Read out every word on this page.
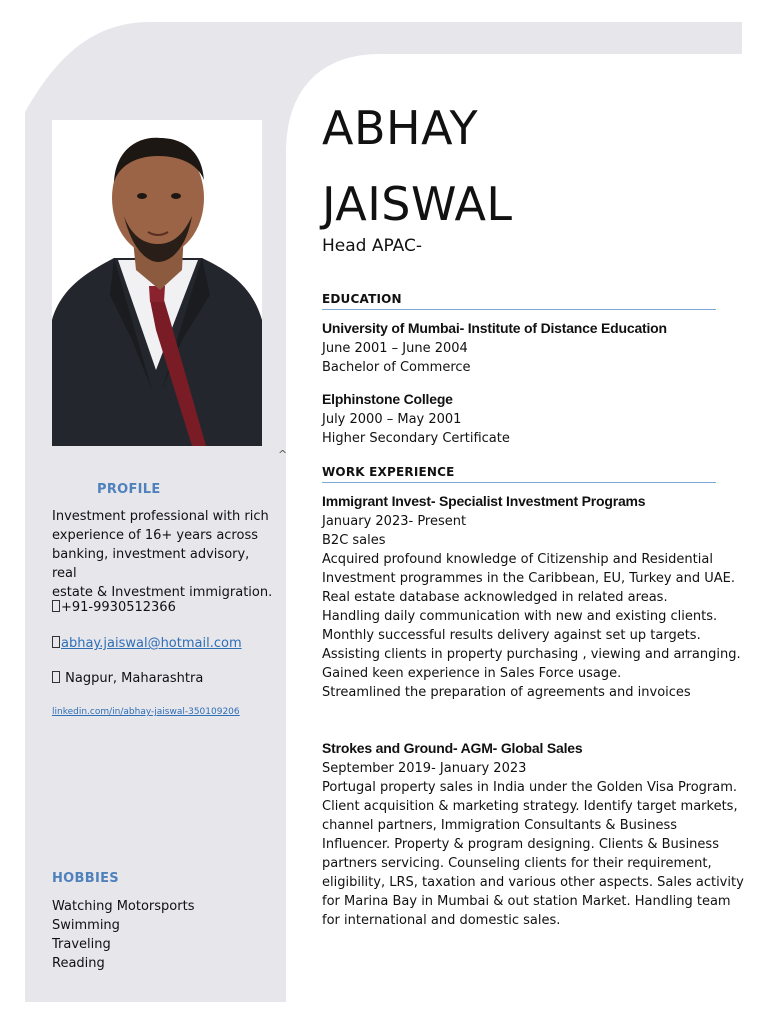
^
PROFILE
Investment professional with rich
experience of 16+ years across
banking, investment advisory, real
estate & Investment immigration.
+91-9930512366
abhay.jaiswal@hotmail.com
Nagpur, Maharashtra
linkedin.com/in/abhay-jaiswal-350109206
HOBBIES
Watching Motorsports
Swimming
Traveling
Reading
ABHAY
JAISWAL
Head APAC-
EDUCATION
University of Mumbai- Institute of Distance Education
June 2001 – June 2004
Bachelor of Commerce
Elphinstone College
July 2000 – May 2001
Higher Secondary Certificate
WORK EXPERIENCE
Immigrant Invest- Specialist Investment Programs
January 2023- Present
B2C sales
Acquired profound knowledge of Citizenship and Residential
Investment programmes in the Caribbean, EU, Turkey and UAE.
Real estate database acknowledged in related areas.
Handling daily communication with new and existing clients.
Monthly successful results delivery against set up targets.
Assisting clients in property purchasing , viewing and arranging.
Gained keen experience in Sales Force usage.
Streamlined the preparation of agreements and invoices
Strokes and Ground- AGM- Global Sales
September 2019- January 2023
Portugal property sales in India under the Golden Visa Program.
Client acquisition & marketing strategy. Identify target markets,
channel partners, Immigration Consultants & Business
Influencer. Property & program designing. Clients & Business
partners servicing. Counseling clients for their requirement,
eligibility, LRS, taxation and various other aspects. Sales activity
for Marina Bay in Mumbai & out station Market. Handling team
for international and domestic sales.
